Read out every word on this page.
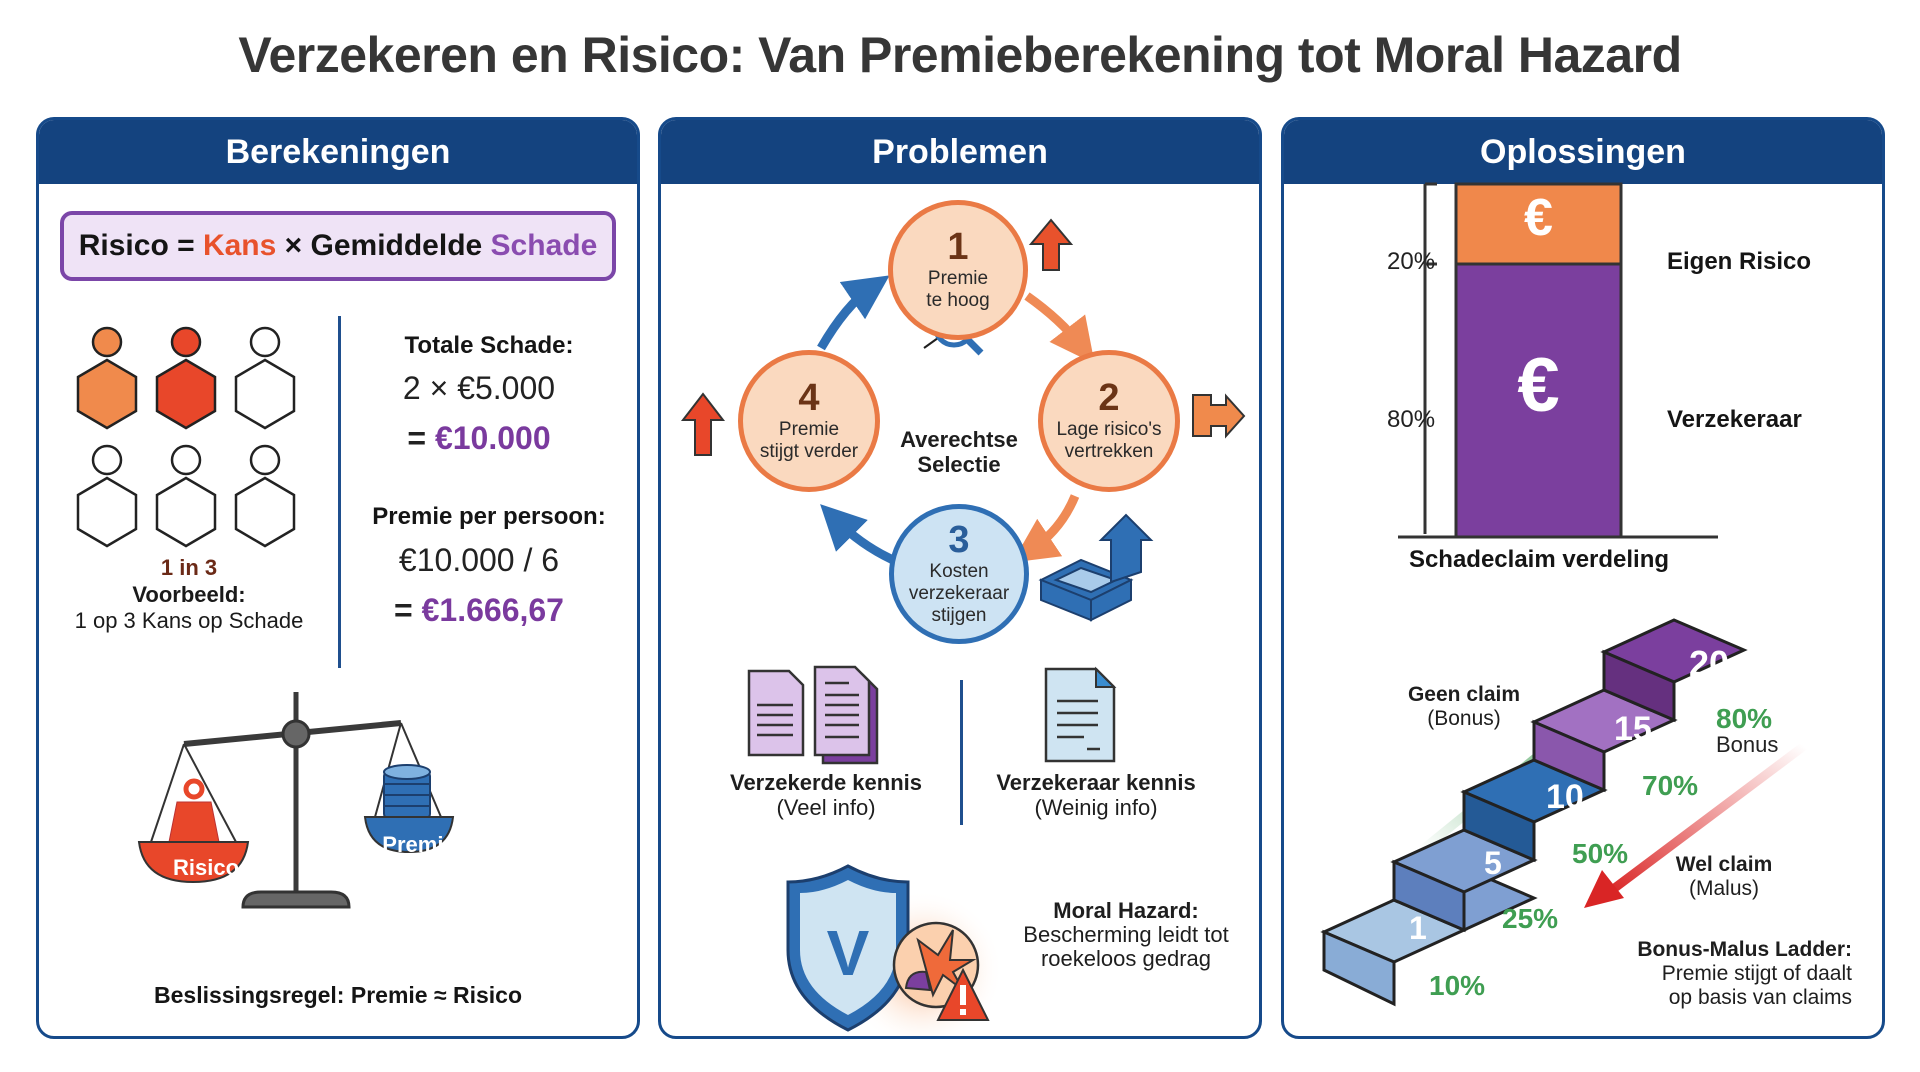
Verzekeren en Risico: Van Premieberekening tot Moral Hazard
Berekeningen
Risico = Kans × Gemiddelde Schade
1 in 3
Voorbeeld:
1 op 3 Kans op Schade
Totale Schade:
2 × €5.000
= €10.000
Premie per persoon:
€10.000 / 6
= €1.666,67
Risico
Premie
Beslissingsregel: Premie ≈ Risico
Problemen
1
Premie
te hoog
2
Lage risico's
vertrekken
3
Kosten
verzekeraar
stijgen
4
Premie
stijgt verder	Averechtse
Selectie
Verzekerde kennis
(Veel info)
Verzekeraar kennis
(Weinig info)
V
Moral Hazard:
Bescherming leidt tot
roekeloos gedrag
Oplossingen
€
€
20%
80%
Eigen Risico
Verzekeraar
Schadeclaim verdeling
1
5
10
15
20
10%
25%
50%
70%
80%
Bonus
Geen claim
(Bonus)
Wel claim
(Malus)
Bonus-Malus Ladder:
Premie stijgt of daalt
op basis van claims
